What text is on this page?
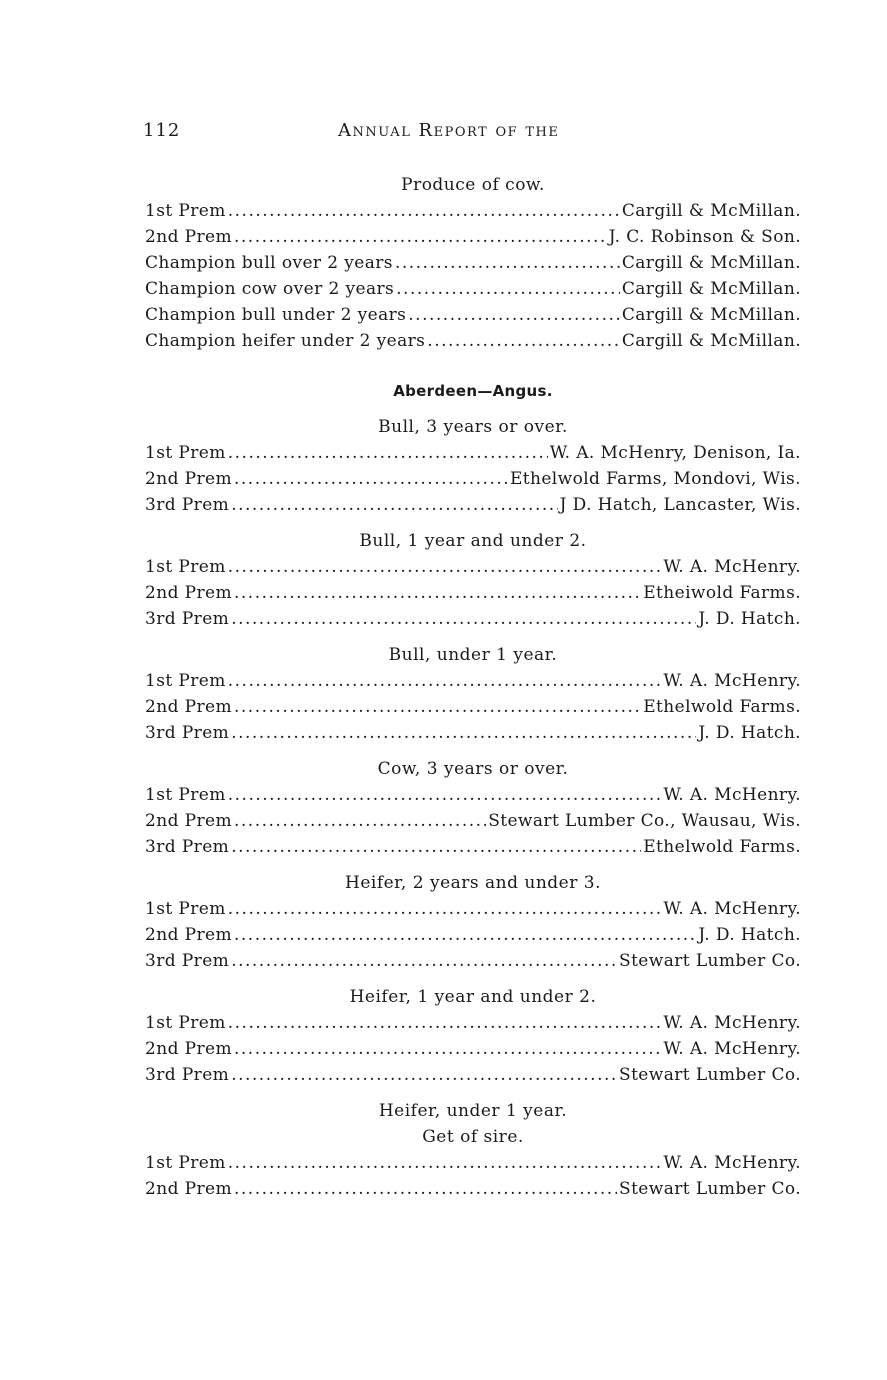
112	Annual Report of the
Produce of cow.
1st Prem .....	Cargill & McMillan.
2nd Prem .....	J. C. Robinson & Son.
Champion bull over 2 years .....	Cargill & McMillan.
Champion cow over 2 years .....	Cargill & McMillan.
Champion bull under 2 years .....	Cargill & McMillan.
Champion heifer under 2 years .....	Cargill & McMillan.
Aberdeen—Angus.
Bull, 3 years or over.
1st Prem .....	W. A. McHenry, Denison, Ia.
2nd Prem .....	Ethelwold Farms, Mondovi, Wis.
3rd Prem .....	J D. Hatch, Lancaster, Wis.
Bull, 1 year and under 2.
1st Prem .....	W. A. McHenry.
2nd Prem .....	Etheiwold Farms.
3rd Prem .....	J. D. Hatch.
Bull, under 1 year.
1st Prem .....	W. A. McHenry.
2nd Prem .....	Ethelwold Farms.
3rd Prem .....	J. D. Hatch.
Cow, 3 years or over.
1st Prem .....	W. A. McHenry.
2nd Prem .....	Stewart Lumber Co., Wausau, Wis.
3rd Prem .....	Ethelwold Farms.
Heifer, 2 years and under 3.
1st Prem .....	W. A. McHenry.
2nd Prem .....	J. D. Hatch.
3rd Prem .....	Stewart Lumber Co.
Heifer, 1 year and under 2.
1st Prem .....	W. A. McHenry.
2nd Prem .....	W. A. McHenry.
3rd Prem .....	Stewart Lumber Co.
Heifer, under 1 year.
Get of sire.
1st Prem .....	W. A. McHenry.
2nd Prem .....	Stewart Lumber Co.
